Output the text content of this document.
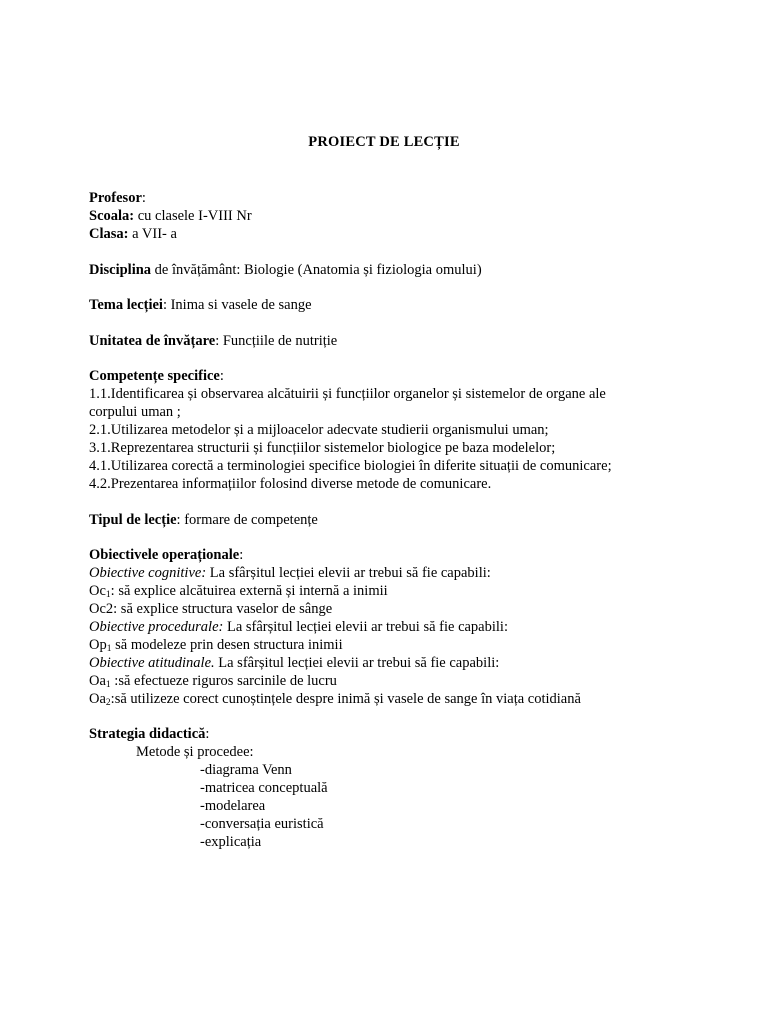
PROIECT DE LECȚIE
Profesor:
Scoala: cu clasele I-VIII Nr
Clasa: a VII- a
Disciplina de învățământ: Biologie (Anatomia și fiziologia omului)
Tema lecției: Inima si vasele de sange
Unitatea de învățare: Funcțiile de nutriție
Competențe specifice:
1.1.Identificarea și observarea alcătuirii și funcțiilor organelor și sistemelor de organe ale
corpului uman ;
2.1.Utilizarea metodelor și a mijloacelor adecvate studierii organismului uman;
3.1.Reprezentarea structurii și funcțiilor sistemelor biologice pe baza modelelor;
4.1.Utilizarea corectă a terminologiei specifice biologiei în diferite situații de comunicare;
4.2.Prezentarea informațiilor folosind diverse metode de comunicare.
Tipul de lecție: formare de competențe
Obiectivele operaționale:
Obiective cognitive: La sfârșitul lecției elevii ar trebui să fie capabili:
$Oc_1$: să explice alcătuirea externă și internă a inimii
Oc2: să explice structura vaselor de sânge
Obiective procedurale: La sfârșitul lecției elevii ar trebui să fie capabili:
$Op_1$ să modeleze prin desen structura inimii
Obiective atitudinale. La sfârșitul lecției elevii ar trebui să fie capabili:
$Oa_1$ :să efectueze riguros sarcinile de lucru
$Oa_2:să$ utilizeze corect cunoștințele despre inimă și vasele de sange în viața cotidiană
Strategia didactică:
Metode și procedee:
-diagrama Venn
-matricea conceptuală
-modelarea
-conversația euristică
-explicația
